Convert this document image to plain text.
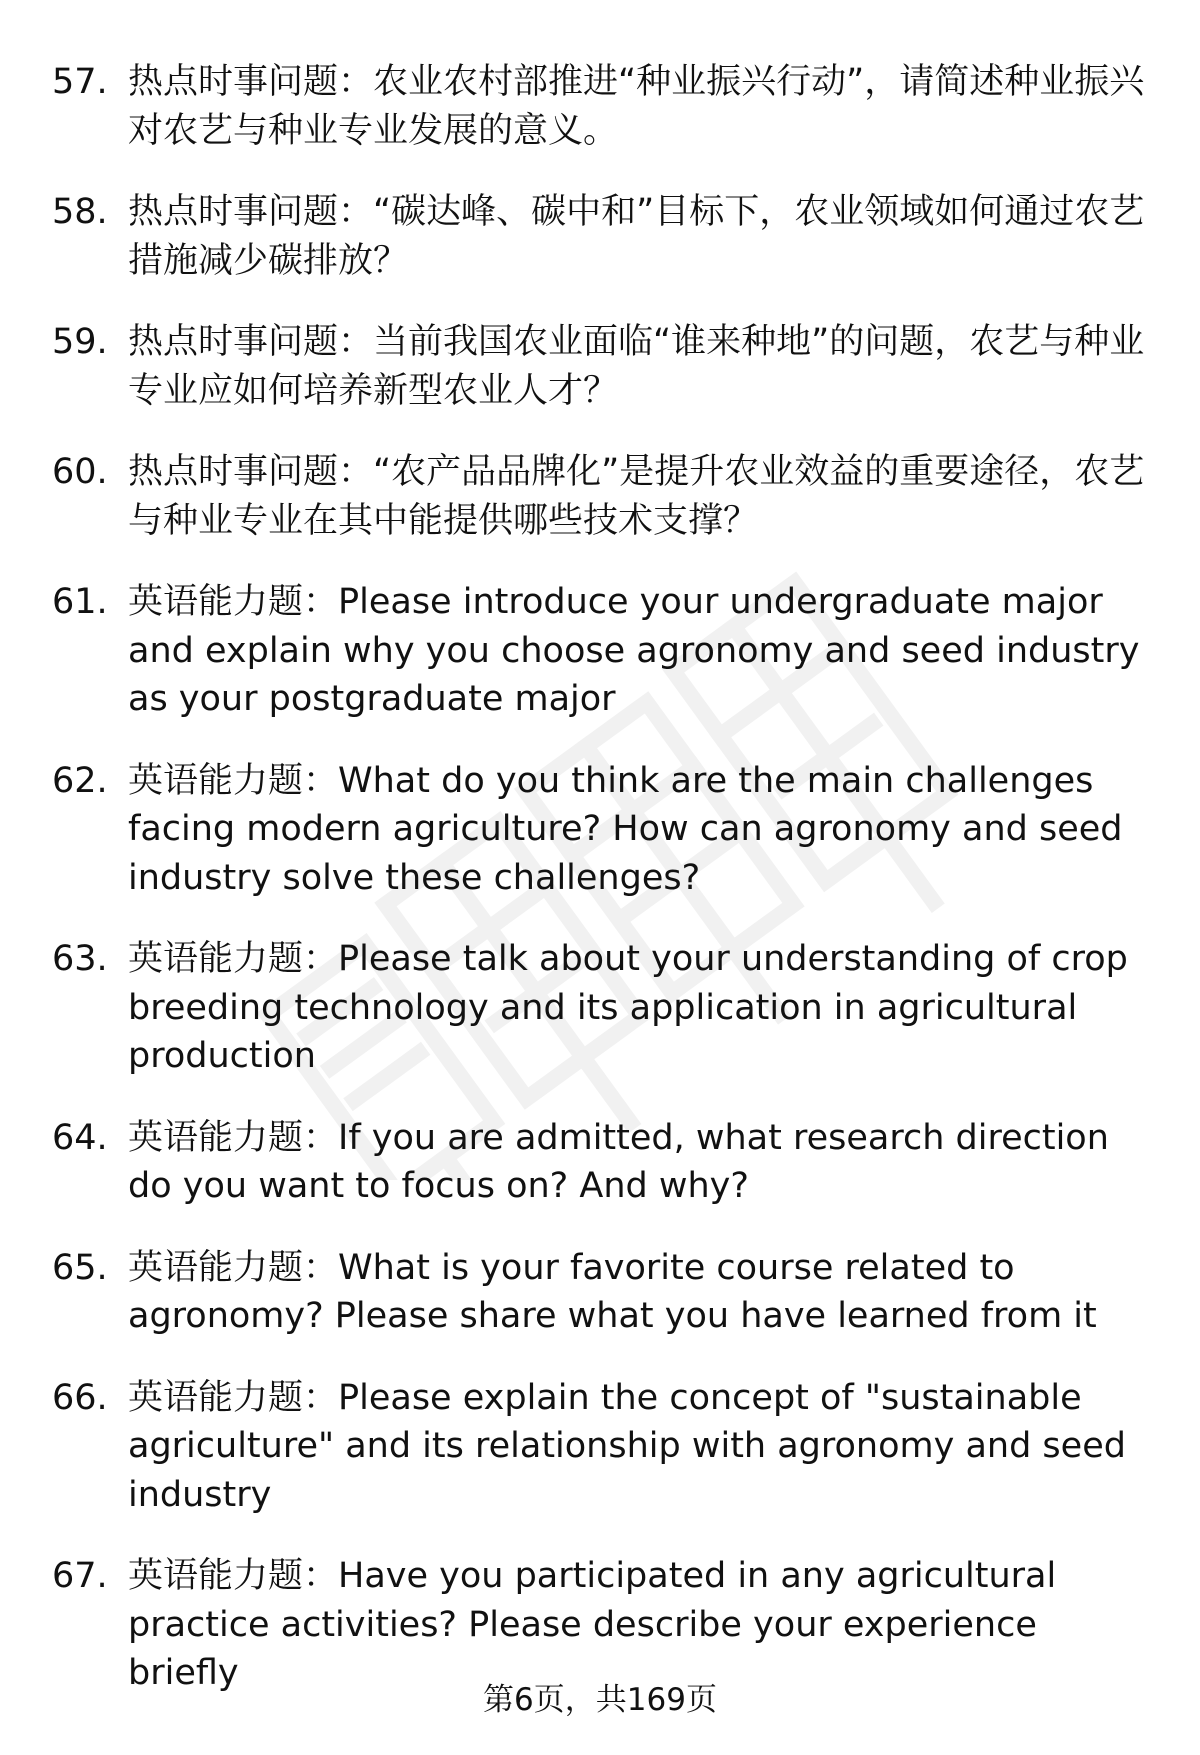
57. 热点时事问题：农业农村部推进“种业振兴行动”，请简述种业振兴对农艺与种业专业发展的意义。
58. 热点时事问题：“碳达峰、碳中和”目标下，农业领域如何通过农艺措施减少碳排放？
59. 热点时事问题：当前我国农业面临“谁来种地”的问题，农艺与种业专业应如何培养新型农业人才？
60. 热点时事问题：“农产品品牌化”是提升农业效益的重要途径，农艺与种业专业在其中能提供哪些技术支撑？
61. 英语能力题：Please introduce your undergraduate major and explain why you choose agronomy and seed industry as your postgraduate major
62. 英语能力题：What do you think are the main challenges facing modern agriculture? How can agronomy and seed industry solve these challenges?
63. 英语能力题：Please talk about your understanding of crop breeding technology and its application in agricultural production
64. 英语能力题：If you are admitted, what research direction do you want to focus on? And why?
65. 英语能力题：What is your favorite course related to agronomy? Please share what you have learned from it
66. 英语能力题：Please explain the concept of "sustainable agriculture" and its relationship with agronomy and seed industry
67. 英语能力题：Have you participated in any agricultural practice activities? Please describe your experience briefly
第6页，共169页
